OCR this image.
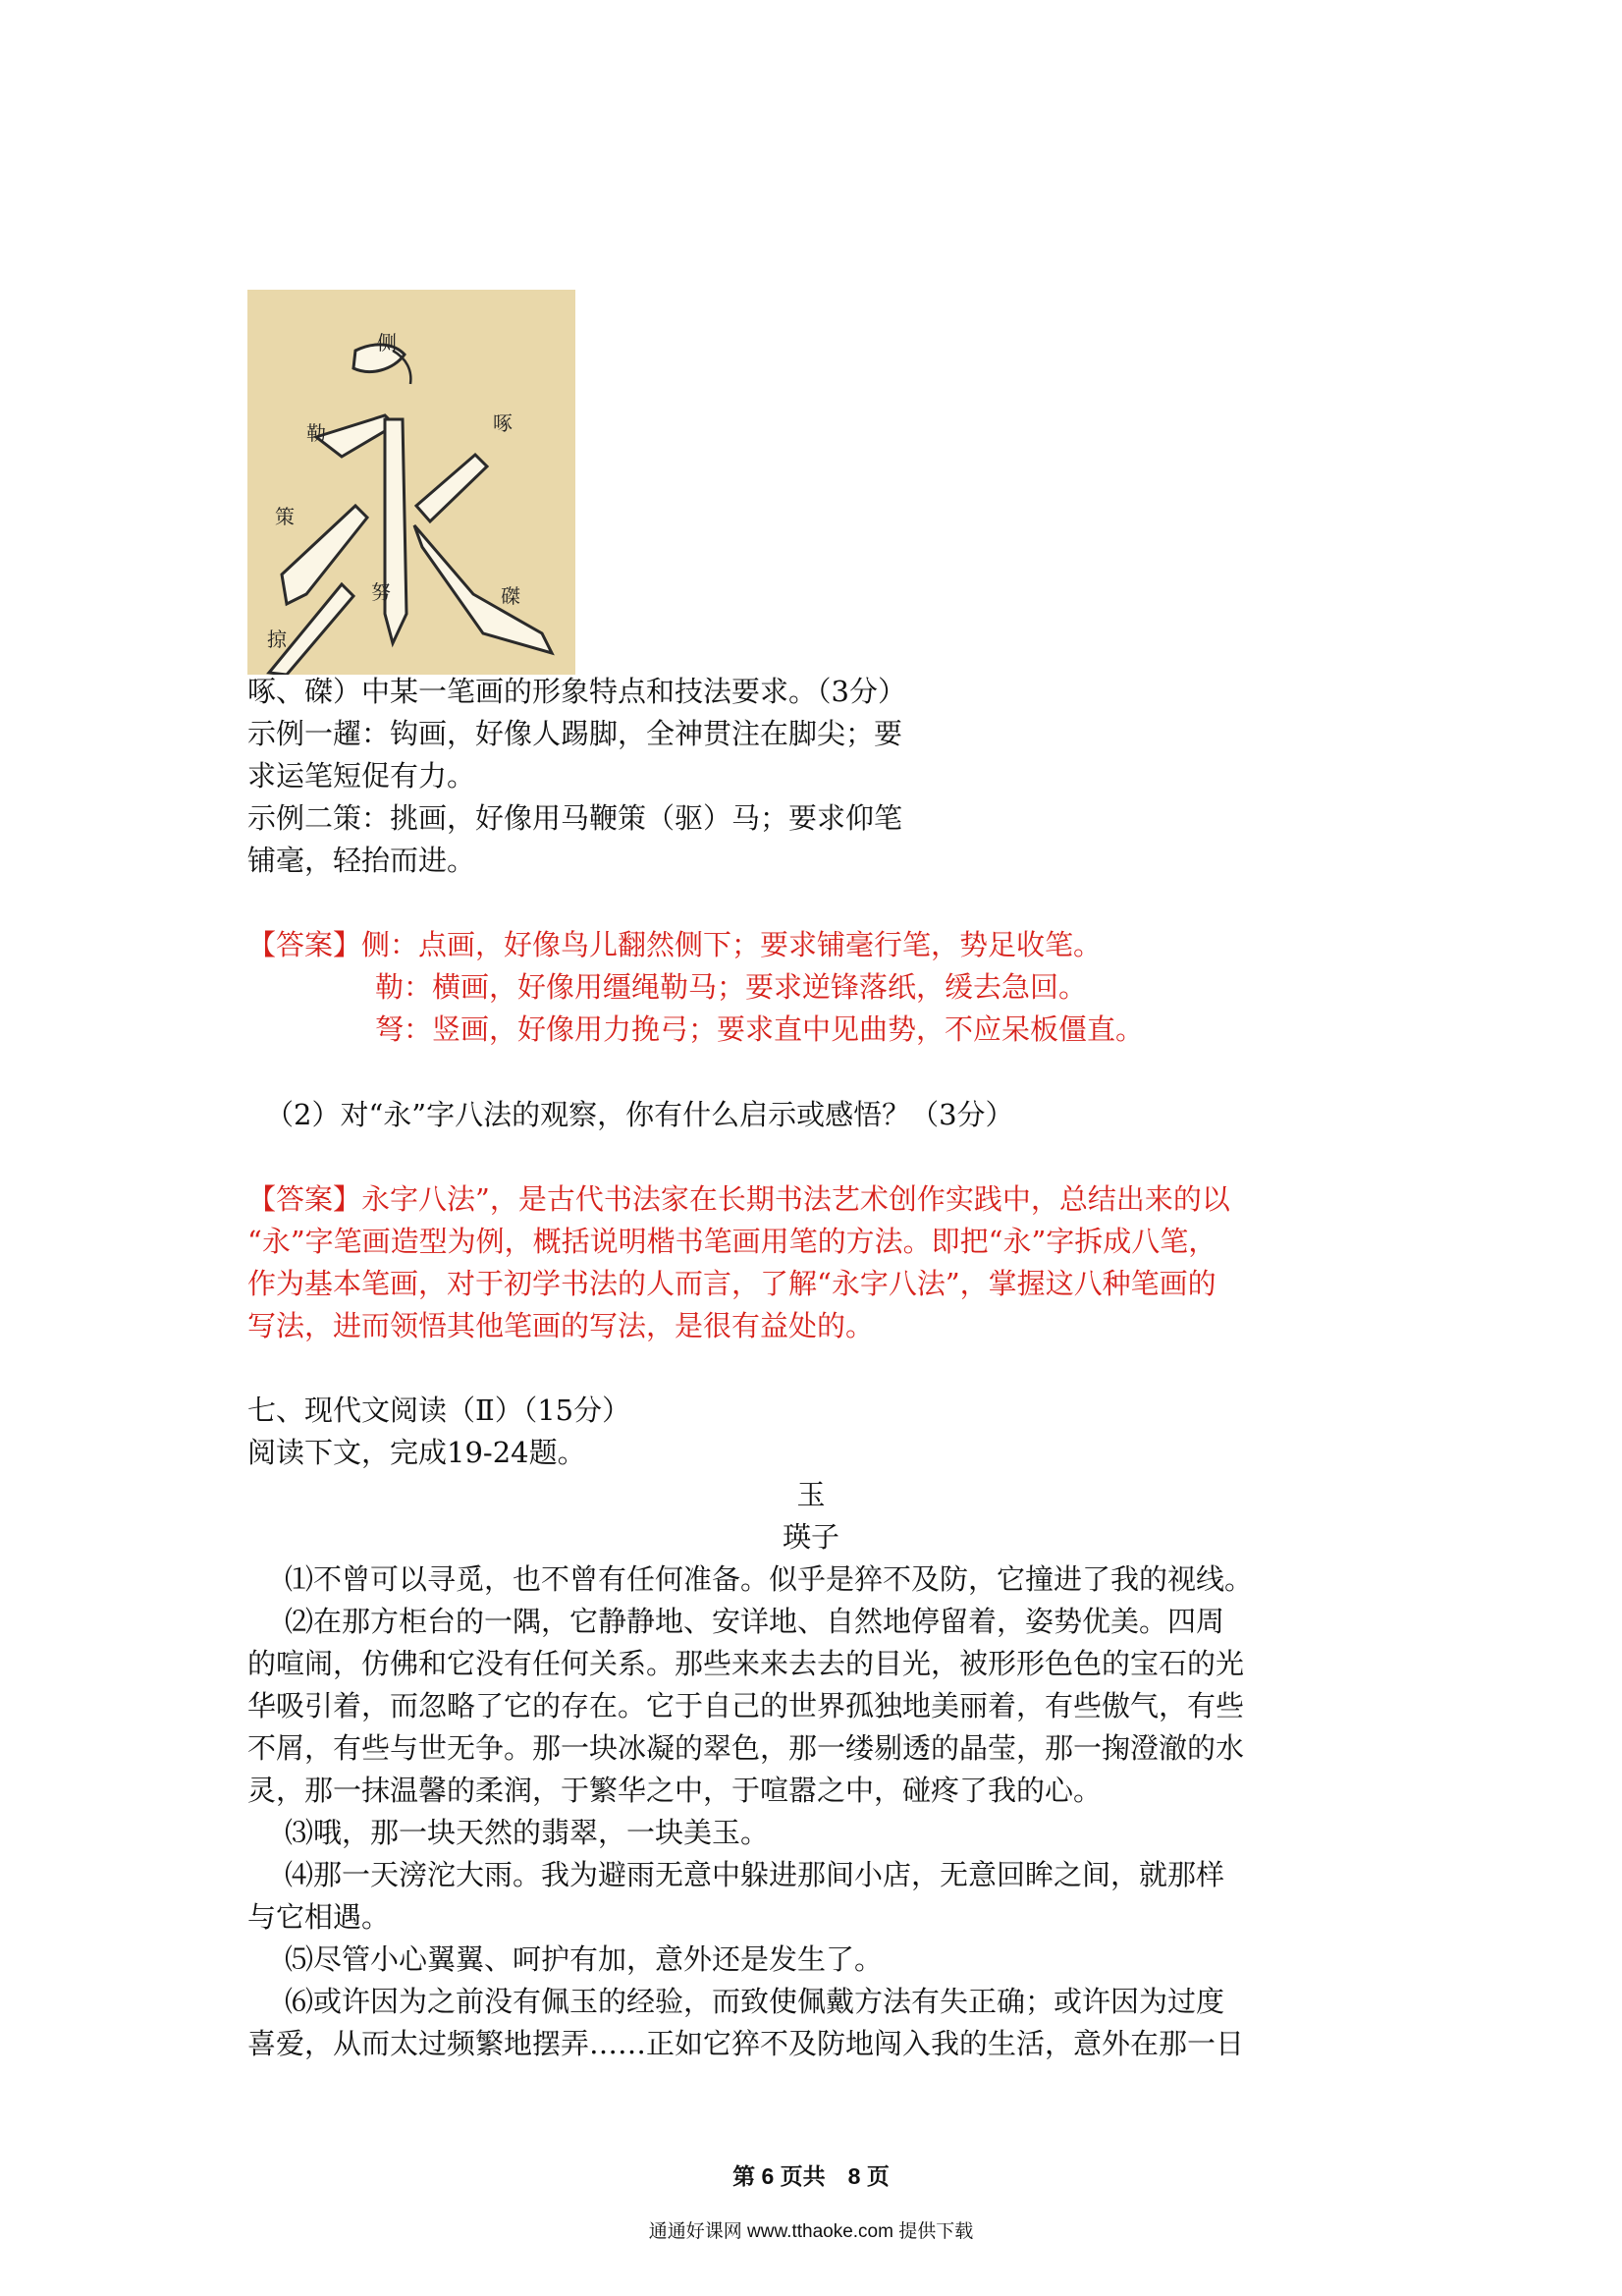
侧
勒	啄
策
努	磔
掠
啄、磔）中某一笔画的形象特点和技法要求。（3分）
示例一趯：钩画，好像人踢脚，全神贯注在脚尖；要
求运笔短促有力。
示例二策：挑画，好像用马鞭策（驱）马；要求仰笔
铺毫，轻抬而进。
【答案】侧：点画，好像鸟儿翻然侧下；要求铺毫行笔，势足收笔。
勒：横画，好像用缰绳勒马；要求逆锋落纸，缓去急回。
弩：竖画，好像用力挽弓；要求直中见曲势，不应呆板僵直。
（2）对“永”字八法的观察，你有什么启示或感悟？（3分）
【答案】永字八法”，是古代书法家在长期书法艺术创作实践中，总结出来的以
“永”字笔画造型为例，概括说明楷书笔画用笔的方法。即把“永”字拆成八笔，
作为基本笔画，对于初学书法的人而言，了解“永字八法”，掌握这八种笔画的
写法，进而领悟其他笔画的写法，是很有益处的。
七、现代文阅读（Ⅱ）（15分）
阅读下文，完成19-24题。
玉
瑛子
⑴不曾可以寻觅，也不曾有任何准备。似乎是猝不及防，它撞进了我的视线。
⑵在那方柜台的一隅，它静静地、安详地、自然地停留着，姿势优美。四周
的喧闹，仿佛和它没有任何关系。那些来来去去的目光，被形形色色的宝石的光
华吸引着，而忽略了它的存在。它于自己的世界孤独地美丽着，有些傲气，有些
不屑，有些与世无争。那一块冰凝的翠色，那一缕剔透的晶莹，那一掬澄澈的水
灵，那一抹温馨的柔润，于繁华之中，于喧嚣之中，碰疼了我的心。
⑶哦，那一块天然的翡翠，一块美玉。
⑷那一天滂沱大雨。我为避雨无意中躲进那间小店，无意回眸之间，就那样
与它相遇。
⑸尽管小心翼翼、呵护有加，意外还是发生了。
⑹或许因为之前没有佩玉的经验，而致使佩戴方法有失正确；或许因为过度
喜爱，从而太过频繁地摆弄……正如它猝不及防地闯入我的生活，意外在那一日
第 6 页共　8 页
通通好课网 www.tthaoke.com 提供下载
